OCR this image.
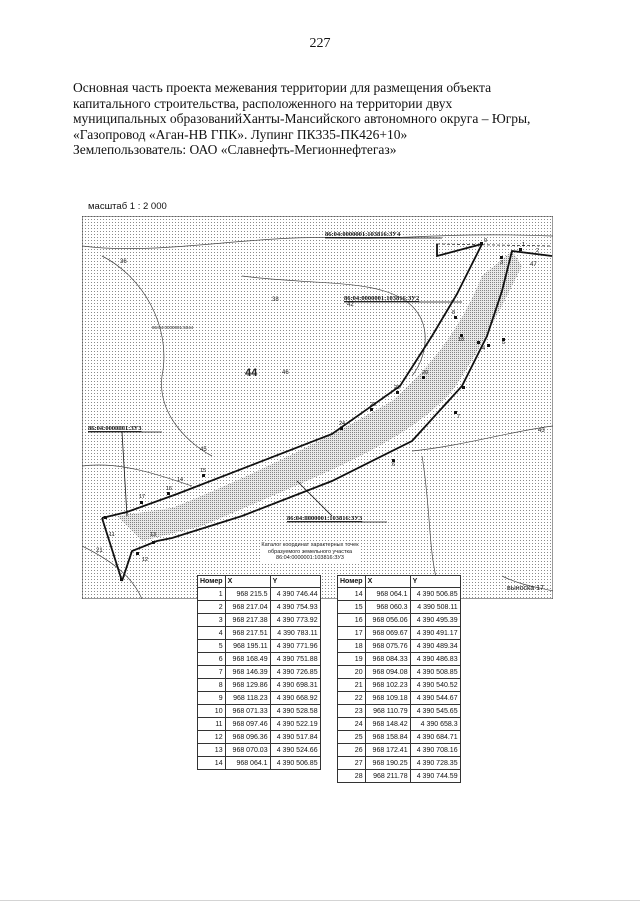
227
Основная часть проекта межевания территории для размещения объекта
капитального строительства, расположенного на территории двух
муниципальных образованийХанты-Мансийского автономного округа – Югры,
«Газопровод «Аган-НВ ГПК». Лупинг ПК335-ПК426+10»
Землепользователь: ОАО «Славнефть-Мегионнефтегаз»
масштаб 1 : 2 000
9
1
2
3
8
18
4
5
20
22
23
24
15
16
17
11
12
13
6
7
14
44	46
38
36
45
42
47
43
21
86:04:0000001:5044
86:04:0000001:103816:ЗУ4
86:04:0000001:103816:ЗУ2
86:04:0000001:ЗУ3
86:04:0000001:103816:ЗУ3
Каталог координат характерных точек образуемого земельного участка 86:04:0000001:103816:ЗУ3
выноска 17
Номер	X	Y
1	968 215.5	4 390 746.44
2	968 217.04	4 390 754.93
3	968 217.38	4 390 773.92
4	968 217.51	4 390 783.11
5	968 195.11	4 390 771.96
6	968 168.49	4 390 751.88
7	968 146.39	4 390 726.85
8	968 129.86	4 390 698.31
9	968 118.23	4 390 668.92
10	968 071.33	4 390 528.58
11	968 097.46	4 390 522.19
12	968 096.36	4 390 517.84
13	968 070.03	4 390 524.66
14	968 064.1	4 390 506.85
Номер	X	Y
14	968 064.1	4 390 506.85
15	968 060.3	4 390 508.11
16	968 056.06	4 390 495.39
17	968 069.67	4 390 491.17
18	968 075.76	4 390 489.34
19	968 084.33	4 390 486.83
20	968 094.08	4 390 508.85
21	968 102.23	4 390 540.52
22	968 109.18	4 390 544.67
23	968 110.79	4 390 545.65
24	968 148.42	4 390 658.3
25	968 158.84	4 390 684.71
26	968 172.41	4 390 708.16
27	968 190.25	4 390 728.35
28	968 211.78	4 390 744.59
